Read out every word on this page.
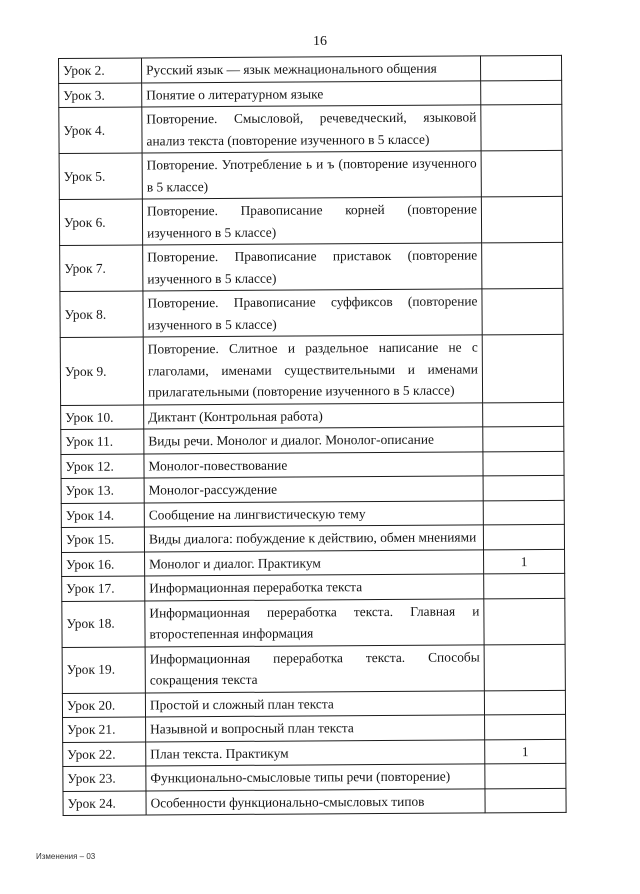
16
Урок 2.	Русский язык — язык межнационального общения	
Урок 3.	Понятие о литературном языке	
Урок 4.	Повторение. Смысловой, речеведческий, языковой анализ текста (повторение изученного в 5 классе)	
Урок 5.	Повторение. Употребление ь и ъ (повторение изученного в 5 классе)	
Урок 6.	Повторение. Правописание корней (повторение изученного в 5 классе)	
Урок 7.	Повторение. Правописание приставок (повторение изученного в 5 классе)	
Урок 8.	Повторение. Правописание суффиксов (повторение изученного в 5 классе)	
Урок 9.	Повторение. Слитное и раздельное написание не с глаголами, именами существительными и именами прилагательными (повторение изученного в 5 классе)	
Урок 10.	Диктант (Контрольная работа)	
Урок 11.	Виды речи. Монолог и диалог. Монолог-описание	
Урок 12.	Монолог-повествование	
Урок 13.	Монолог-рассуждение	
Урок 14.	Сообщение на лингвистическую тему	
Урок 15.	Виды диалога: побуждение к действию, обмен мнениями	
Урок 16.	Монолог и диалог. Практикум	1
Урок 17.	Информационная переработка текста	
Урок 18.	Информационная переработка текста. Главная и второстепенная информация	
Урок 19.	Информационная переработка текста. Способы сокращения текста	
Урок 20.	Простой и сложный план текста	
Урок 21.	Назывной и вопросный план текста	
Урок 22.	План текста. Практикум	1
Урок 23.	Функционально-смысловые типы речи (повторение)	
Урок 24.	Особенности функционально-смысловых типов	
Изменения – 03
